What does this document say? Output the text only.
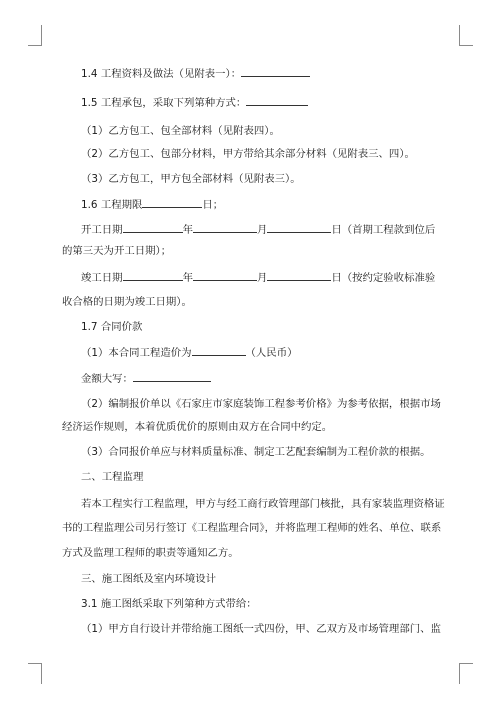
1.4 工程资料及做法（见附表一）：
1.5 工程承包，采取下列第种方式：
（1）乙方包工、包全部材料（见附表四）。
（2）乙方包工、包部分材料，甲方带给其余部分材料（见附表三、四）。
（3）乙方包工，甲方包全部材料（见附表三）。
1.6 工程期限	日；
开工日期	年	月	日（首期工程款到位后
的第三天为开工日期）；
竣工日期	年	月	日（按约定验收标准验
收合格的日期为竣工日期）。
1.7 合同价款
（1）本合同工程造价为	（人民币）
金额大写：
（2）编制报价单以《石家庄市家庭装饰工程参考价格》为参考依据，根据市场
经济运作规则，本着优质优价的原则由双方在合同中约定。
（3）合同报价单应与材料质量标准、制定工艺配套编制为工程价款的根据。
二、工程监理
若本工程实行工程监理，甲方与经工商行政管理部门核批，具有家装监理资格证
书的工程监理公司另行签订《工程监理合同》，并将监理工程师的姓名、单位、联系
方式及监理工程师的职责等通知乙方。
三、施工图纸及室内环境设计
3.1 施工图纸采取下列第种方式带给：
（1）甲方自行设计并带给施工图纸一式四份，甲、乙双方及市场管理部门、监
